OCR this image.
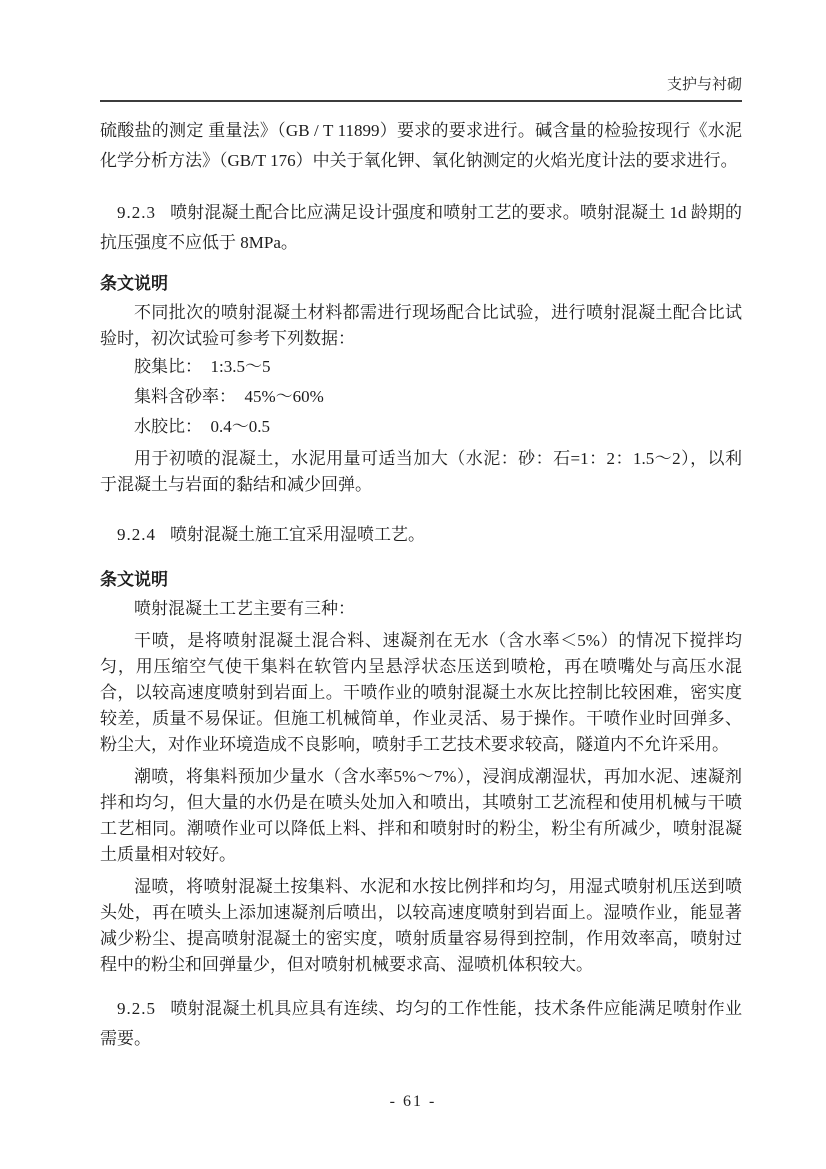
支护与衬砌

硫酸盐的测定 重量法》（GB / T 11899）要求的要求进行。碱含量的检验按现行《水泥化学分析方法》（GB/T 176）中关于氧化钾、氧化钠测定的火焰光度计法的要求进行。

9.2.3 喷射混凝土配合比应满足设计强度和喷射工艺的要求。喷射混凝土 1d 龄期的抗压强度不应低于 8MPa。

条文说明

不同批次的喷射混凝土材料都需进行现场配合比试验，进行喷射混凝土配合比试验时，初次试验可参考下列数据：

胶集比：  1:3.5～5

集料含砂率：  45%～60%

水胶比：  0.4～0.5

用于初喷的混凝土，水泥用量可适当加大（水泥：砂：石=1：2：1.5～2），以利于混凝土与岩面的黏结和减少回弹。

9.2.4 喷射混凝土施工宜采用湿喷工艺。

条文说明

喷射混凝土工艺主要有三种：

干喷，是将喷射混凝土混合料、速凝剂在无水（含水率＜5%）的情况下搅拌均匀，用压缩空气使干集料在软管内呈悬浮状态压送到喷枪，再在喷嘴处与高压水混合，以较高速度喷射到岩面上。干喷作业的喷射混凝土水灰比控制比较困难，密实度较差，质量不易保证。但施工机械简单，作业灵活、易于操作。干喷作业时回弹多、粉尘大，对作业环境造成不良影响，喷射手工艺技术要求较高，隧道内不允许采用。

潮喷，将集料预加少量水（含水率5%～7%），浸润成潮湿状，再加水泥、速凝剂拌和均匀，但大量的水仍是在喷头处加入和喷出，其喷射工艺流程和使用机械与干喷工艺相同。潮喷作业可以降低上料、拌和和喷射时的粉尘，粉尘有所减少，喷射混凝土质量相对较好。

湿喷，将喷射混凝土按集料、水泥和水按比例拌和均匀，用湿式喷射机压送到喷头处，再在喷头上添加速凝剂后喷出，以较高速度喷射到岩面上。湿喷作业，能显著减少粉尘、提高喷射混凝土的密实度，喷射质量容易得到控制，作用效率高，喷射过程中的粉尘和回弹量少，但对喷射机械要求高、湿喷机体积较大。

9.2.5 喷射混凝土机具应具有连续、均匀的工作性能，技术条件应能满足喷射作业需要。

- 61 -
